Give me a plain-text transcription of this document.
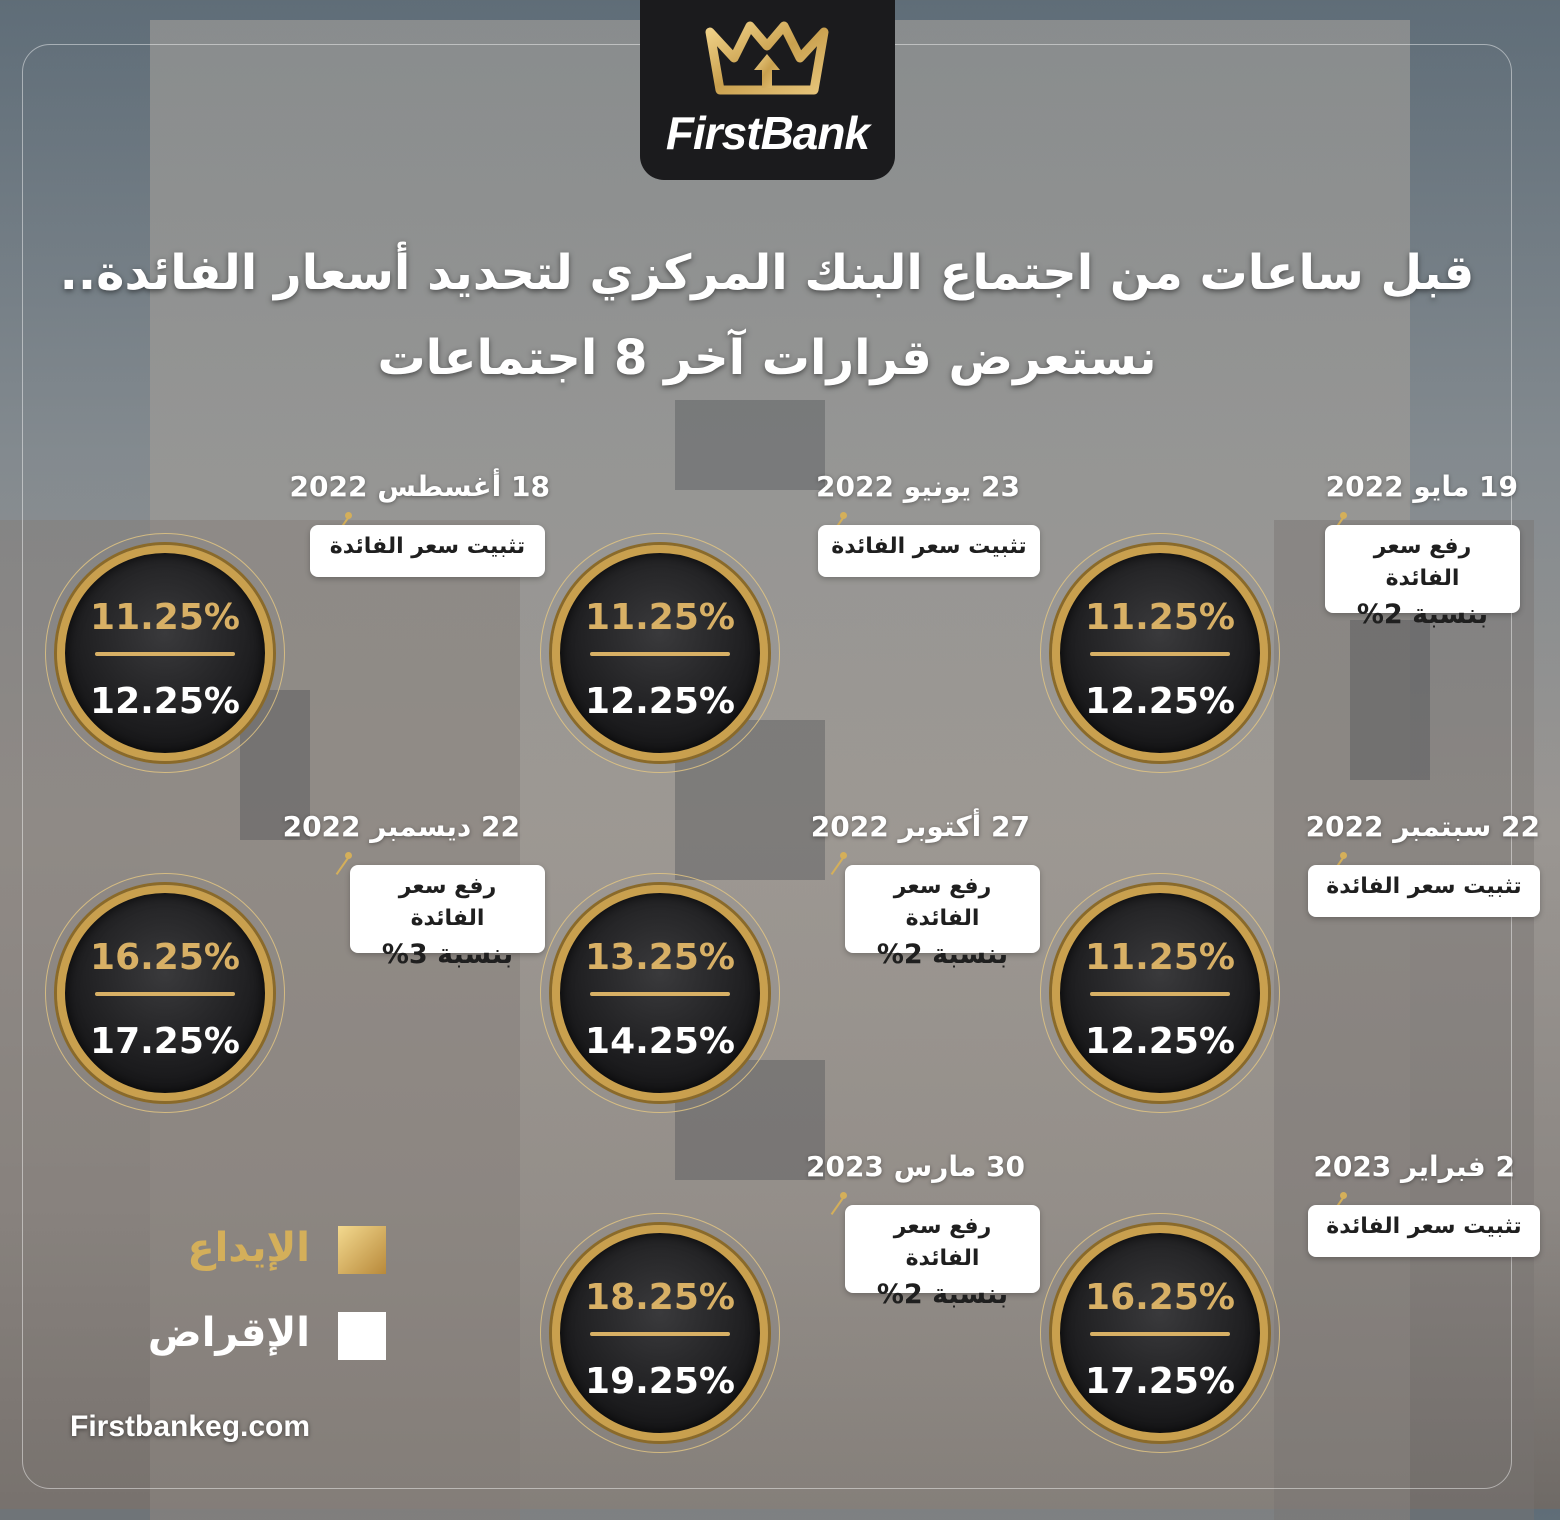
FirstBank
قبل ساعات من اجتماع البنك المركزي لتحديد أسعار الفائدة..
نستعرض قرارات آخر 8 اجتماعات
19 مايو 2022
رفع سعر الفائدة
بنسبة 2%
11.25%
12.25%
23 يونيو 2022
تثبيت سعر الفائدة
11.25%
12.25%
18 أغسطس 2022
تثبيت سعر الفائدة
11.25%
12.25%
22 سبتمبر 2022
تثبيت سعر الفائدة
11.25%
12.25%
27 أكتوبر 2022
رفع سعر الفائدة
بنسبة 2%
13.25%
14.25%
22 ديسمبر 2022
رفع سعر الفائدة
بنسبة 3%
16.25%
17.25%
2 فبراير 2023
تثبيت سعر الفائدة
16.25%
17.25%
30 مارس 2023
رفع سعر الفائدة
بنسبة 2%
18.25%
19.25%
الإيداع
الإقراض
Firstbankeg.com
